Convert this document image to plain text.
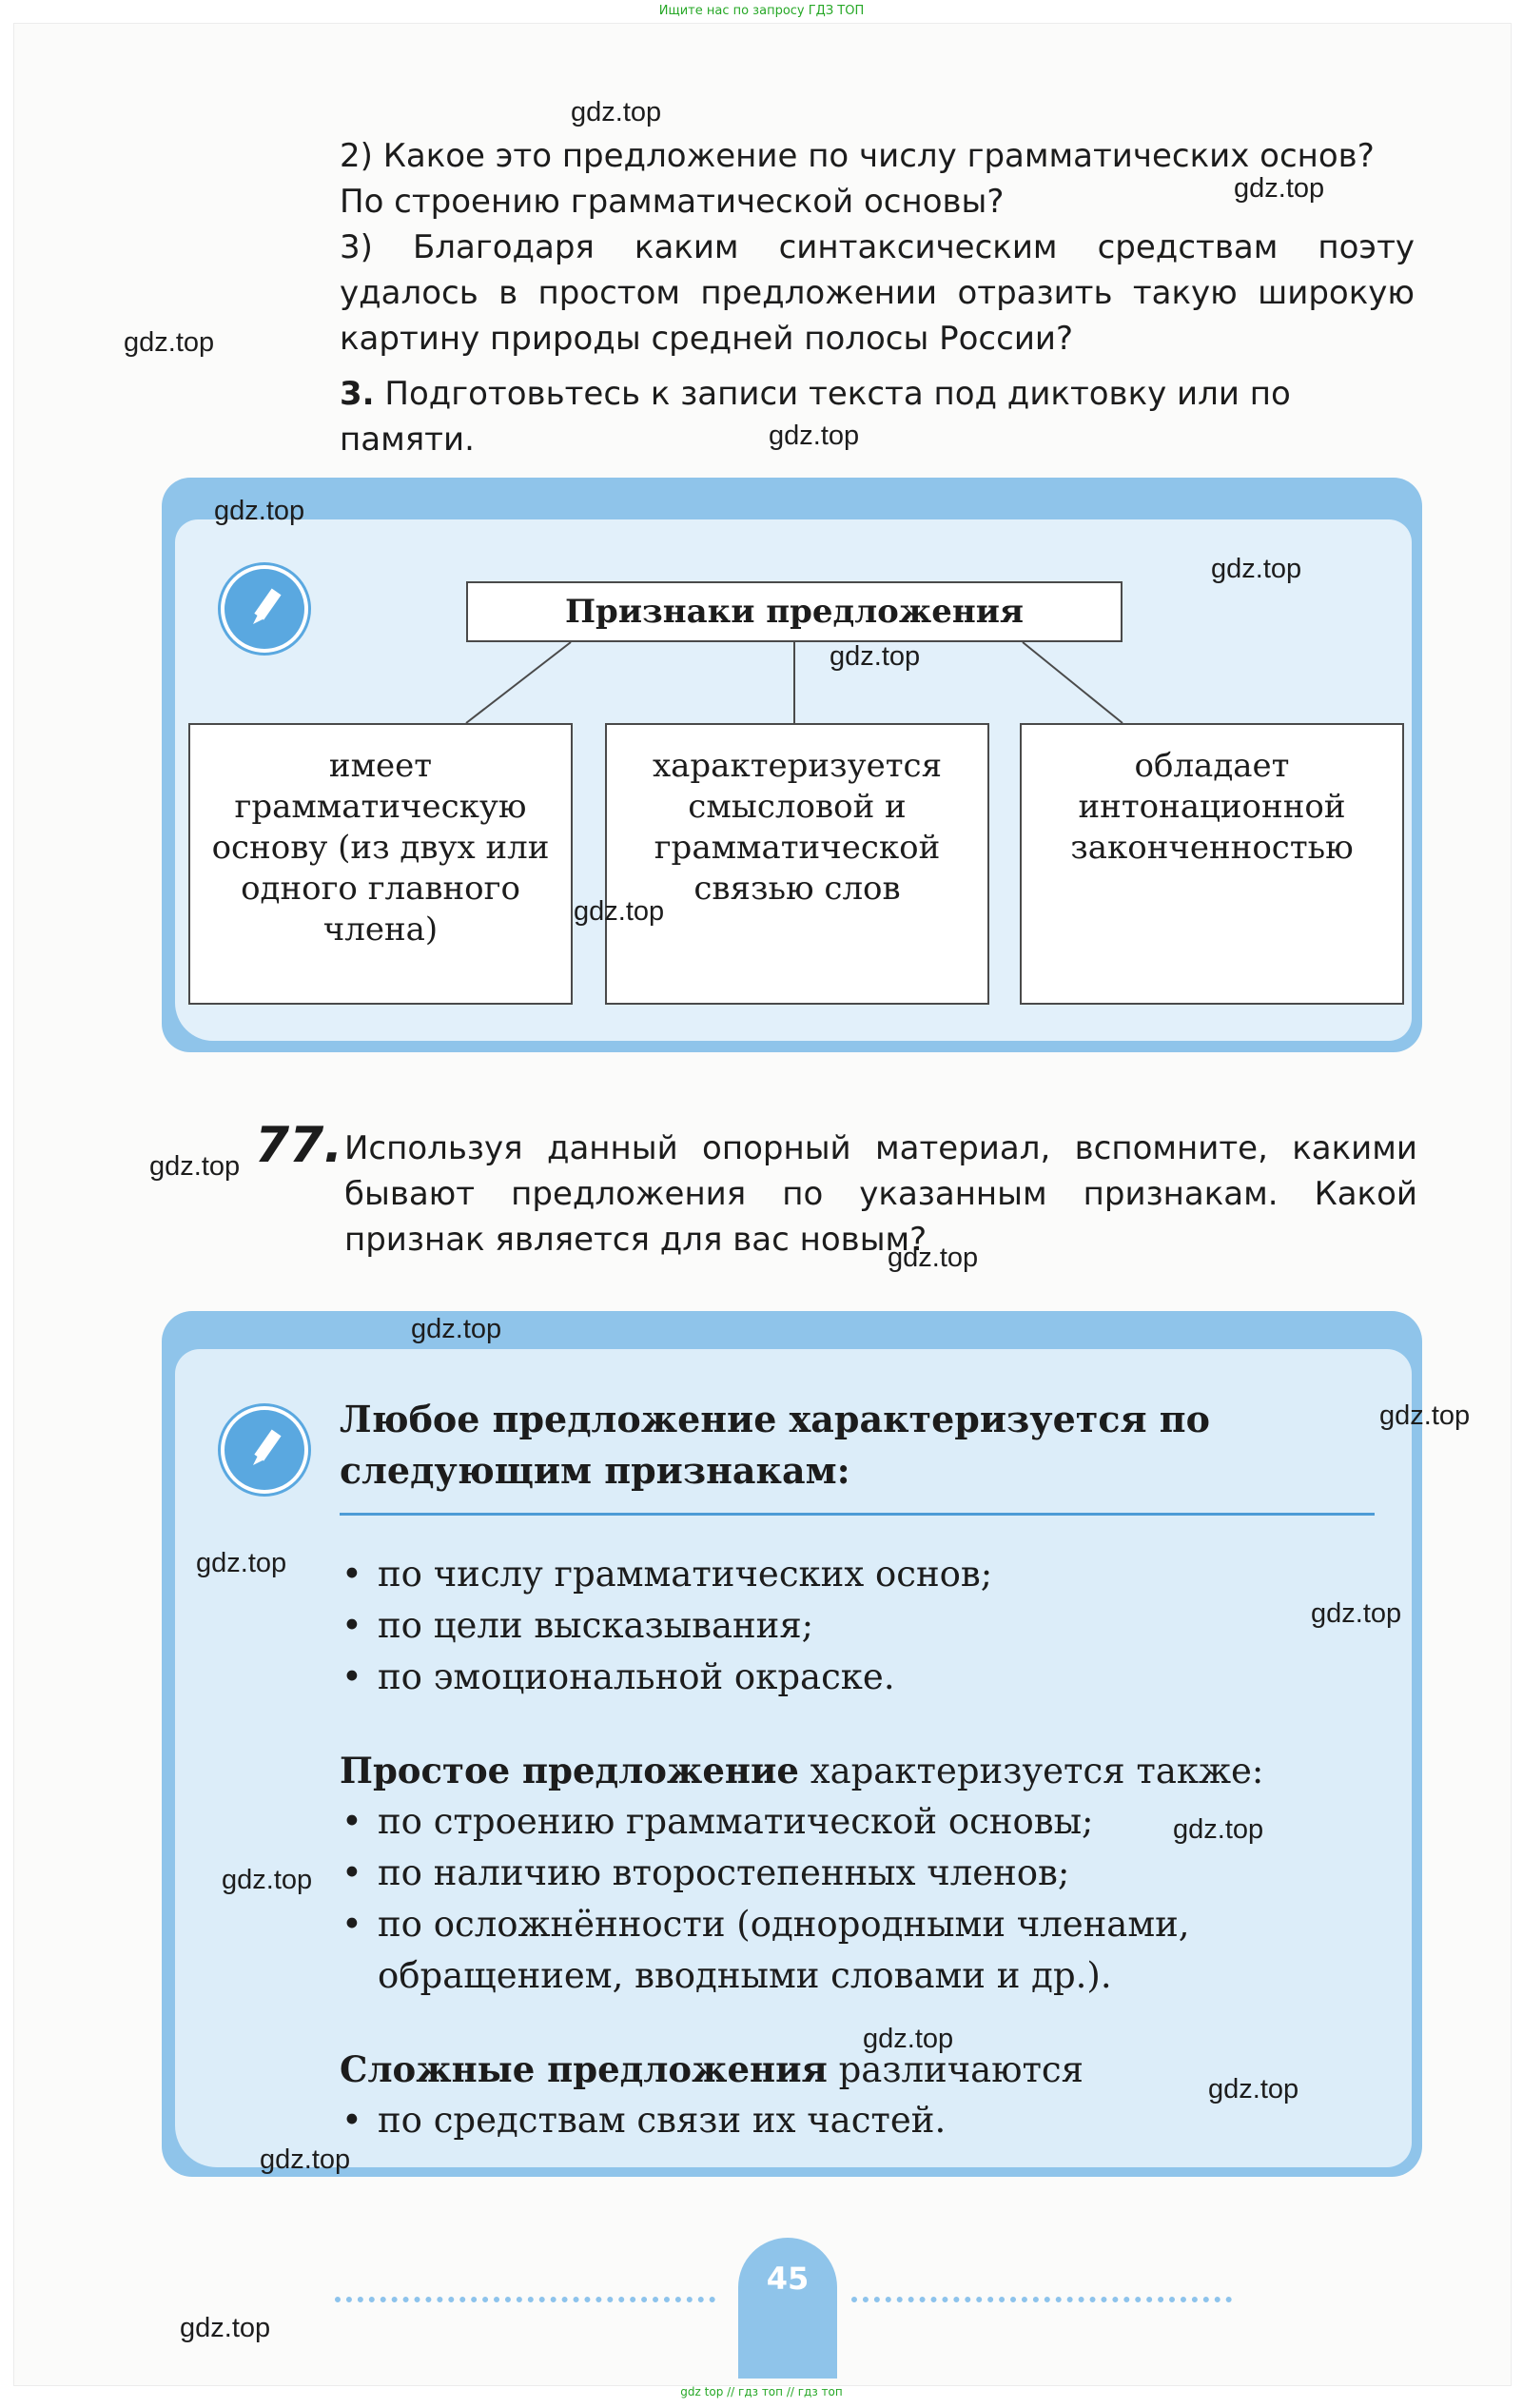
Ищите нас по запросу ГДЗ ТОП
2) Какое это предложение по числу грамматических основ? По строению грамматической основы?
3) Благодаря каким синтаксическим средствам поэту удалось в простом предложении отразить такую широкую картину природы средней полосы России?
3. Подготовьтесь к записи текста под диктовку или по памяти.
Признаки предложения
имеет грамматическую основу (из двух или одного главного члена)
характеризуется смысловой и грамматической связью слов
обладает интонационной законченностью
77. Используя данный опорный материал, вспомните, какими бывают предложения по указанным признакам. Какой признак является для вас новым?
Любое предложение характеризуется по следующим признакам:
• по числу грамматических основ;
• по цели высказывания;
• по эмоциональной окраске.
Простое предложение характеризуется также:
• по строению грамматической основы;
• по наличию второстепенных членов;
• по осложнённости (однородными членами, обращением, вводными словами и др.).
Сложные предложения различаются
• по средствам связи их частей.
45
gdz.top
gdz.top
gdz.top
gdz.top
gdz.top
gdz.top
gdz.top
gdz.top
gdz.top
gdz.top
gdz.top
gdz.top
gdz.top
gdz.top
gdz.top
gdz.top
gdz.top
gdz.top
gdz.top
gdz.top
gdz top // гдз топ // гдз топ
